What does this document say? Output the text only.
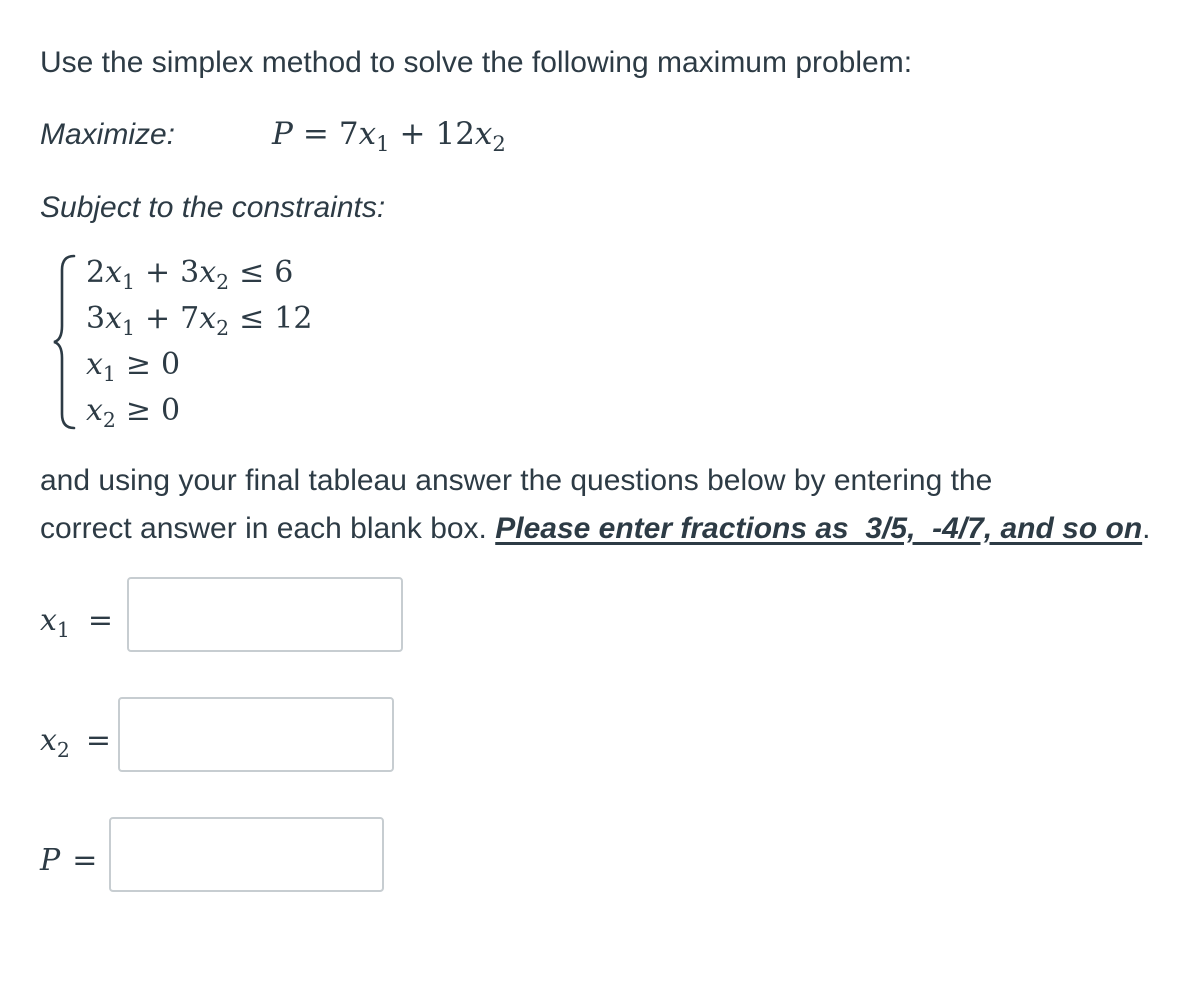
Use the simplex method to solve the following maximum problem:
Maximize:	$P = 7x_1 + 12x_2$
Subject to the constraints:
$2x_1 + 3x_2 \le 6$
$3x_1 + 7x_2 \le 12$
$x_1 \ge 0$
$x_2 \ge 0$
and using your final tableau answer the questions below by entering the
correct answer in each blank box. Please enter fractions as  3/5,  -4/7, and so on.
$x_1$ =
$x_2$ =
P =
